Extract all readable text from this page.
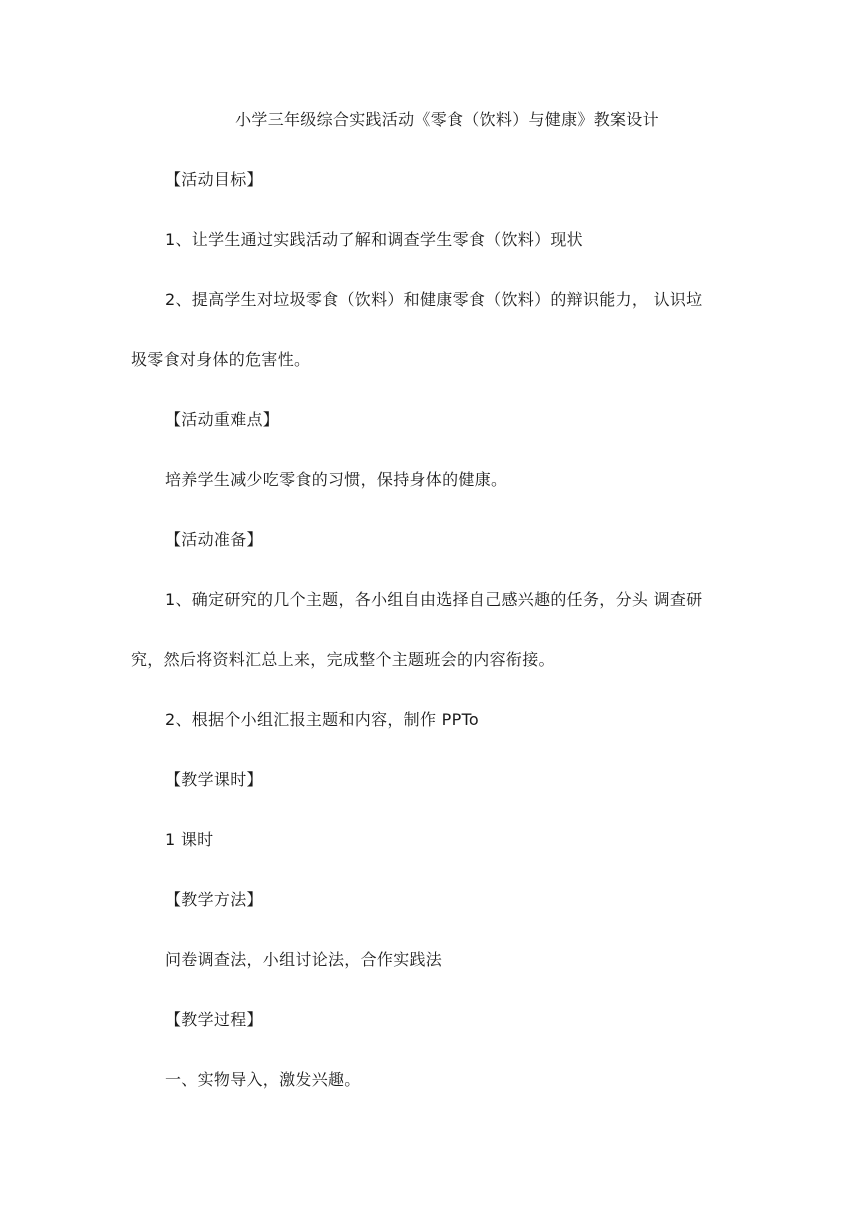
小学三年级综合实践活动《零食（饮料）与健康》教案设计
【活动目标】
1、让学生通过实践活动了解和调查学生零食（饮料）现状
2、提高学生对垃圾零食（饮料）和健康零食（饮料）的辩识能力， 认识垃
圾零食对身体的危害性。
【活动重难点】
培养学生减少吃零食的习惯，保持身体的健康。
【活动准备】
1、确定研究的几个主题，各小组自由选择自己感兴趣的任务，分头 调查研
究，然后将资料汇总上来，完成整个主题班会的内容衔接。
2、根据个小组汇报主题和内容，制作 PPTo
【教学课时】
1 课时
【教学方法】
问卷调查法，小组讨论法，合作实践法
【教学过程】
一、实物导入，激发兴趣。
